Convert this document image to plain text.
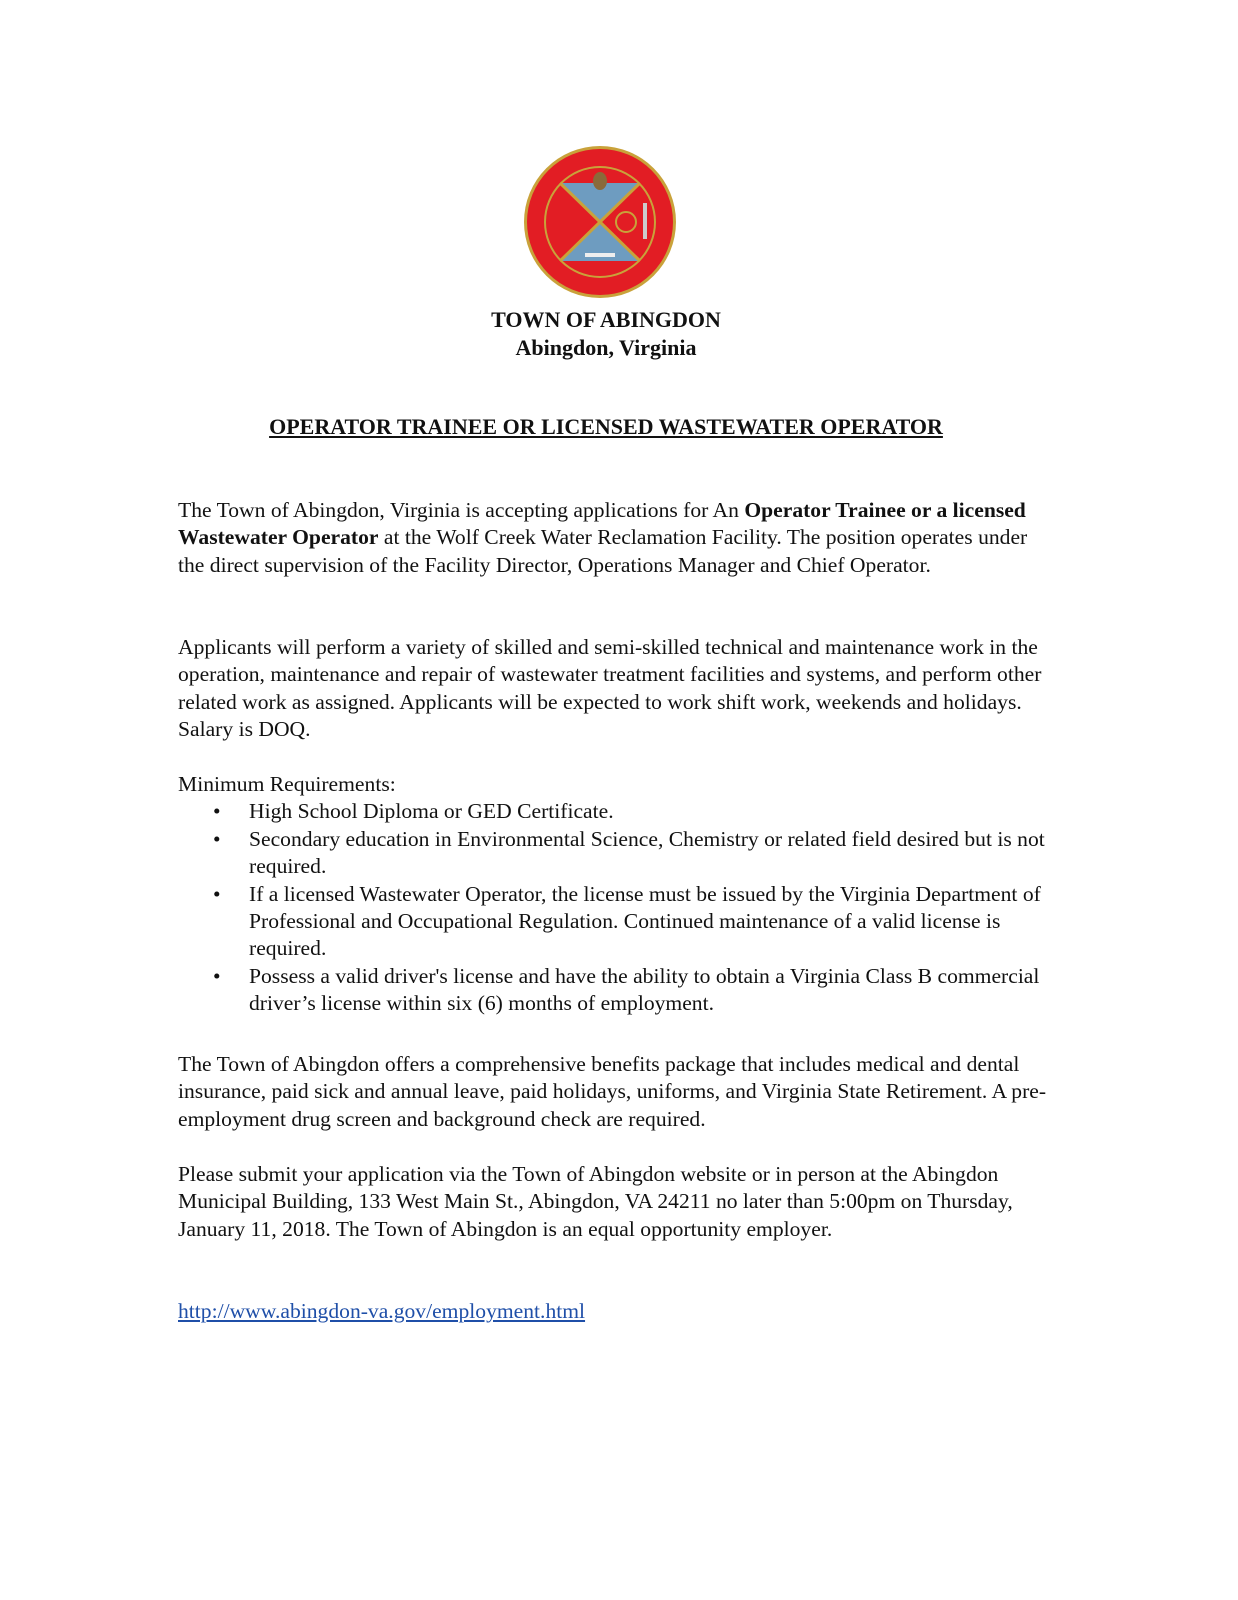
TOWN OF ABINGDON
Abingdon, Virginia
OPERATOR TRAINEE OR LICENSED WASTEWATER OPERATOR

The Town of Abingdon, Virginia is accepting applications for An Operator Trainee or a licensed Wastewater Operator at the Wolf Creek Water Reclamation Facility. The position operates under the direct supervision of the Facility Director, Operations Manager and Chief Operator.

Applicants will perform a variety of skilled and semi-skilled technical and maintenance work in the operation, maintenance and repair of wastewater treatment facilities and systems, and perform other related work as assigned. Applicants will be expected to work shift work, weekends and holidays. Salary is DOQ.

Minimum Requirements:

• High School Diploma or GED Certificate.
• Secondary education in Environmental Science, Chemistry or related field desired but is not required.
• If a licensed Wastewater Operator, the license must be issued by the Virginia Department of Professional and Occupational Regulation. Continued maintenance of a valid license is required.
• Possess a valid driver's license and have the ability to obtain a Virginia Class B commercial driver’s license within six (6) months of employment.

The Town of Abingdon offers a comprehensive benefits package that includes medical and dental insurance, paid sick and annual leave, paid holidays, uniforms, and Virginia State Retirement. A pre-employment drug screen and background check are required.

Please submit your application via the Town of Abingdon website or in person at the Abingdon Municipal Building, 133 West Main St., Abingdon, VA 24211 no later than 5:00pm on Thursday, January 11, 2018. The Town of Abingdon is an equal opportunity employer.

http://www.abingdon-va.gov/employment.html
